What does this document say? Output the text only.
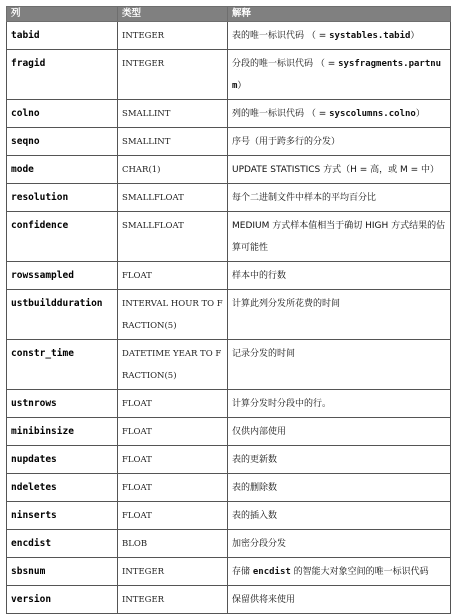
列	类型	解释
tabid	INTEGER	表的唯一标识代码 （ = systables.tabid）
fragid	INTEGER	分段的唯一标识代码 （ = sysfragments.partnum）
colno	SMALLINT	列的唯一标识代码 （ = syscolumns.colno）
seqno	SMALLINT	序号（用于跨多行的分发）
mode	CHAR(1)	UPDATE STATISTICS 方式（H = 高，或 M = 中）
resolution	SMALLFLOAT	每个二进制文件中样本的平均百分比
confidence	SMALLFLOAT	MEDIUM 方式样本值相当于确切 HIGH 方式结果的估算可能性
rowssampled	FLOAT	样本中的行数
ustbuildduration	INTERVAL HOUR TO FRACTION(5)	计算此列分发所花费的时间
constr_time	DATETIME YEAR TO FRACTION(5)	记录分发的时间
ustnrows	FLOAT	计算分发时分段中的行。
minibinsize	FLOAT	仅供内部使用
nupdates	FLOAT	表的更新数
ndeletes	FLOAT	表的删除数
ninserts	FLOAT	表的插入数
encdist	BLOB	加密分段分发
sbsnum	INTEGER	存储 encdist 的智能大对象空间的唯一标识代码
version	INTEGER	保留供将来使用
